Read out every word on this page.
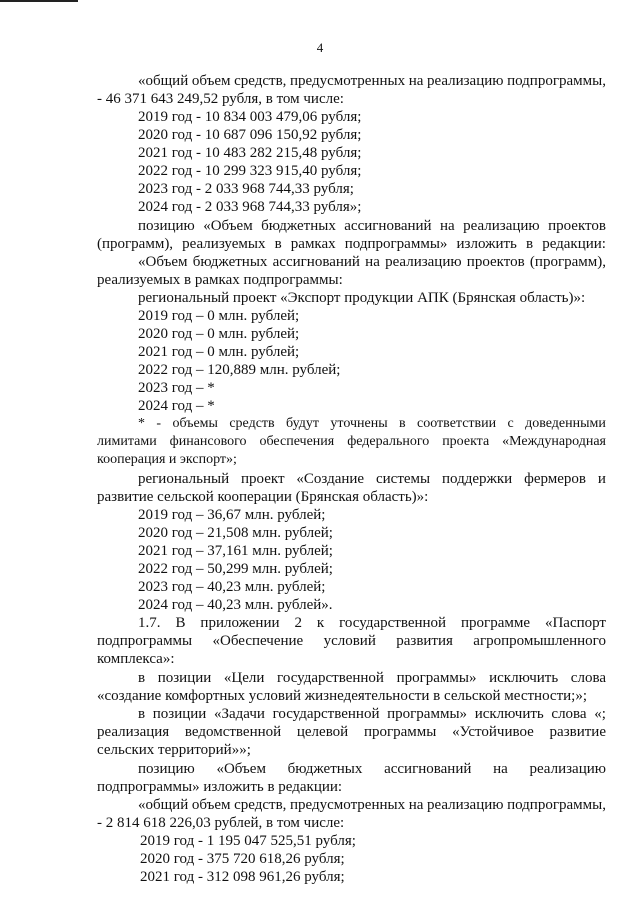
4
«общий объем средств, предусмотренных на реализацию подпрограммы,
- 46 371 643 249,52 рубля, в том числе:
2019 год - 10 834 003 479,06 рубля;
2020 год - 10 687 096 150,92 рубля;
2021 год - 10 483 282 215,48 рубля;
2022 год - 10 299 323 915,40 рубля;
2023 год - 2 033 968 744,33 рубля;
2024 год - 2 033 968 744,33 рубля»;
позицию «Объем бюджетных ассигнований на реализацию проектов
(программ), реализуемых в рамках подпрограммы» изложить в редакции:
«Объем бюджетных ассигнований на реализацию проектов (программ),
реализуемых в рамках подпрограммы:
региональный проект «Экспорт продукции АПК (Брянская область)»:
2019 год – 0 млн. рублей;
2020 год – 0 млн. рублей;
2021 год – 0 млн. рублей;
2022 год – 120,889 млн. рублей;
2023 год – *
2024 год – *
* - объемы средств будут уточнены в соответствии с доведенными
лимитами финансового обеспечения федерального проекта «Международная
кооперация и экспорт»;
региональный проект «Создание системы поддержки фермеров и
развитие сельской кооперации (Брянская область)»:
2019 год – 36,67 млн. рублей;
2020 год – 21,508 млн. рублей;
2021 год – 37,161 млн. рублей;
2022 год – 50,299 млн. рублей;
2023 год – 40,23 млн. рублей;
2024 год – 40,23 млн. рублей».
1.7. В приложении 2 к государственной программе «Паспорт
подпрограммы «Обеспечение условий развития агропромышленного
комплекса»:
в позиции «Цели государственной программы» исключить слова
«создание комфортных условий жизнедеятельности в сельской местности;»;
в позиции «Задачи государственной программы» исключить слова «;
реализация ведомственной целевой программы «Устойчивое развитие
сельских территорий»»;
позицию «Объем бюджетных ассигнований на реализацию
подпрограммы» изложить в редакции:
«общий объем средств, предусмотренных на реализацию подпрограммы,
- 2 814 618 226,03 рублей, в том числе:
2019 год - 1 195 047 525,51 рубля;
2020 год - 375 720 618,26 рубля;
2021 год - 312 098 961,26 рубля;
